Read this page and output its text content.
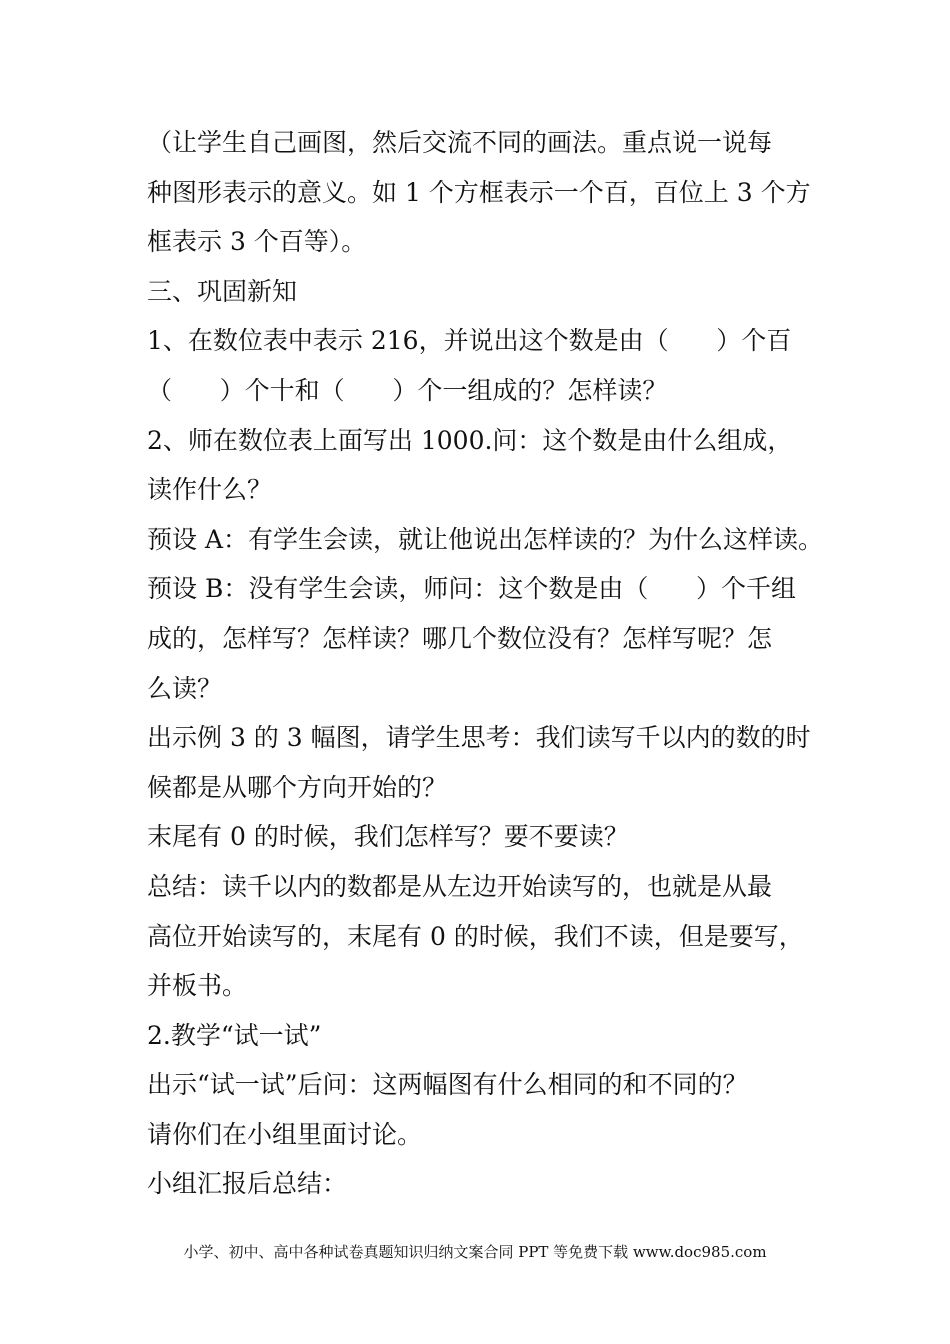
（让学生自己画图，然后交流不同的画法。重点说一说每
种图形表示的意义。如 1 个方框表示一个百，百位上 3 个方
框表示 3 个百等）。
三、巩固新知
1、在数位表中表示 216，并说出这个数是由（      ）个百
（      ）个十和（      ）个一组成的？怎样读？
2、师在数位表上面写出 1000.问：这个数是由什么组成，
读作什么？
预设 A：有学生会读，就让他说出怎样读的？为什么这样读。
预设 B：没有学生会读，师问：这个数是由（      ）个千组
成的，怎样写？怎样读？哪几个数位没有？怎样写呢？怎
么读？
出示例 3 的 3 幅图，请学生思考：我们读写千以内的数的时
候都是从哪个方向开始的？
末尾有 0 的时候，我们怎样写？要不要读？
总结：读千以内的数都是从左边开始读写的，也就是从最
高位开始读写的，末尾有 0 的时候，我们不读，但是要写，
并板书。
2.教学“试一试”
出示“试一试”后问：这两幅图有什么相同的和不同的？
请你们在小组里面讨论。
小组汇报后总结：
小学、初中、高中各种试卷真题知识归纳文案合同 PPT 等免费下载 www.doc985.com
